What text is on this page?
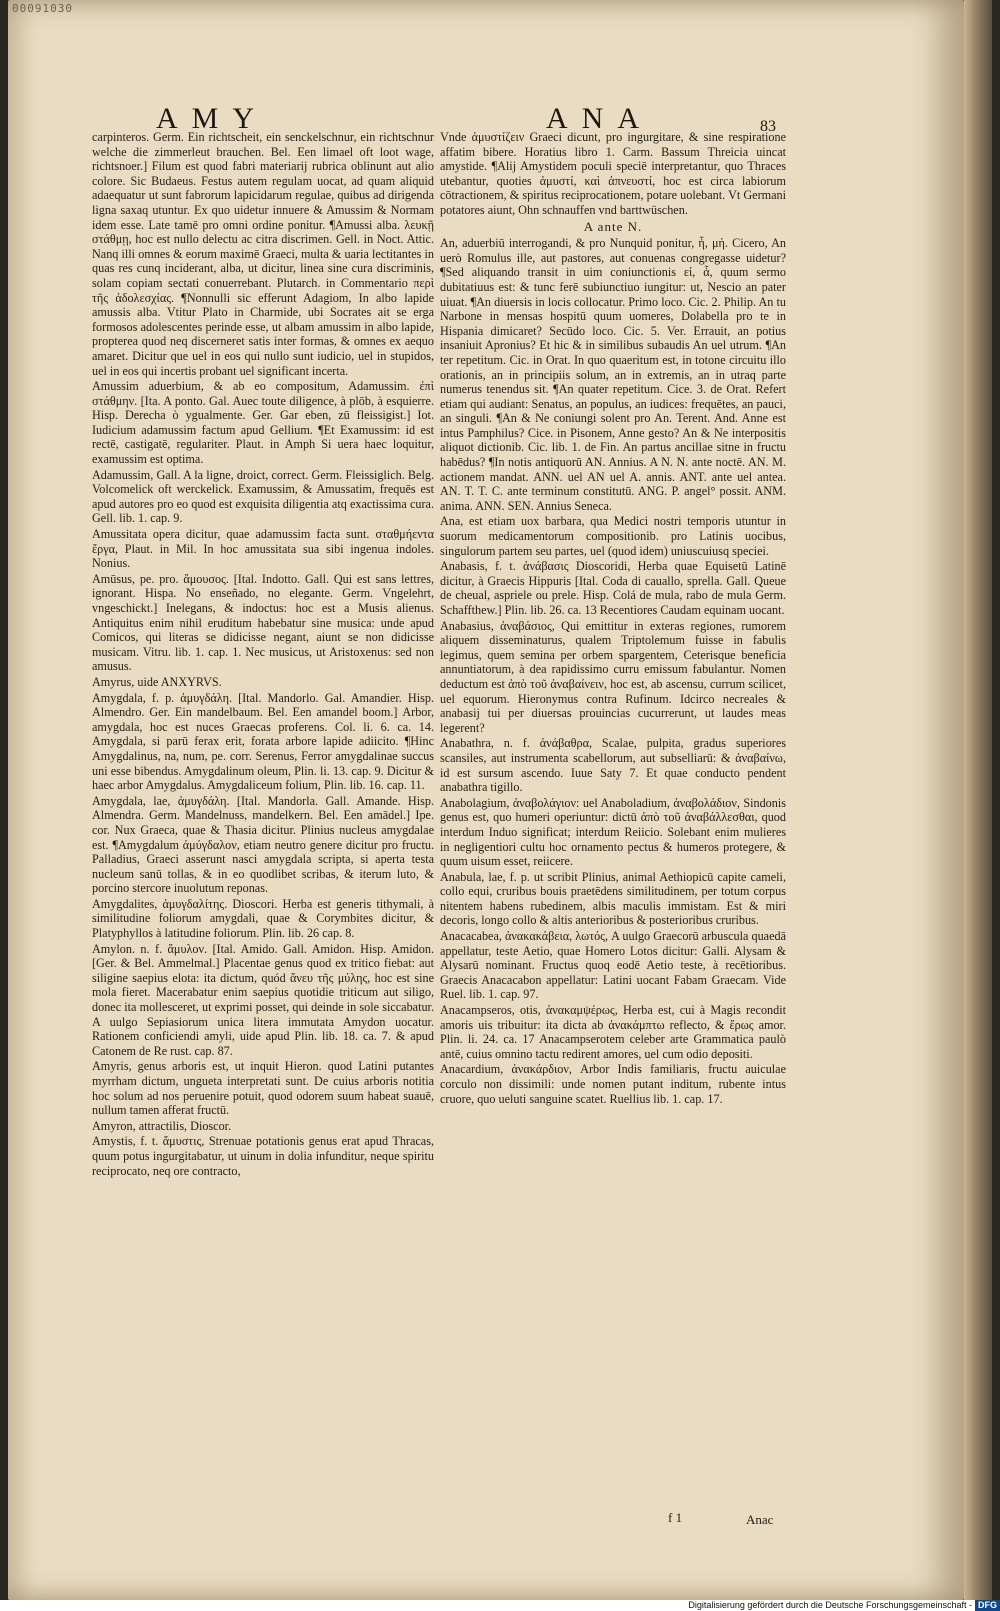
00091030
AMY	ANA	83

carpinteros. Germ. Ein richtscheit, ein senckelschnur, ein richtschnur welche die zimmerleut brauchen. Bel. Een limael oft loot wage, richtsnoer.] Filum est quod fabri materiarij rubrica oblinunt aut alio colore. Sic Budaeus. Festus autem regulam uocat, ad quam aliquid adaequatur ut sunt fabrorum lapicidarum regulae, quibus ad dirigenda ligna saxaq utuntur. Ex quo uidetur innuere & Amussim & Normam idem esse. Late tamē pro omni ordine ponitur. ¶Amussi alba. λευκῇ στάθμῃ, hoc est nullo delectu ac citra discrimen. Gell. in Noct. Attic. Nanq illi omnes & eorum maximē Graeci, multa & uaria lectitantes in quas res cunq inciderant, alba, ut dicitur, linea sine cura discriminis, solam copiam sectati conuerrebant. Plutarch. in Commentario περὶ τῆς ἀδολεσχίας. ¶Nonnulli sic efferunt Adagiom, In albo lapide amussis alba. Vtitur Plato in Charmide, ubi Socrates ait se erga formosos adolescentes perinde esse, ut albam amussim in albo lapide, propterea quod neq discerneret satis inter formas, & omnes ex aequo amaret. Dicitur que uel in eos qui nullo sunt iudicio, uel in stupidos, uel in eos qui incertis probant uel significant incerta.

Amussim aduerbium, & ab eo compositum, Adamussim. ἐπὶ στάθμην. [Ita. A ponto. Gal. Auec toute diligence, à plōb, à esquierre. Hisp. Derecha ò ygualmente. Ger. Gar eben, zū fleissigist.] Iot. Iudicium adamussim factum apud Gellium. ¶Et Examussim: id est rectē, castigatē, regulariter. Plaut. in Amph Si uera haec loquitur, examussim est optima.

Adamussim, Gall. A la ligne, droict, correct. Germ. Fleissiglich. Belg. Volcomelick oft werckelick. Examussim, & Amussatim, frequēs est apud autores pro eo quod est exquisita diligentia atq exactissima cura. Gell. lib. 1. cap. 9.

Amussitata opera dicitur, quae adamussim facta sunt. σταθμήεντα ἔργα, Plaut. in Mil. In hoc amussitata sua sibi ingenua indoles. Nonius.

Amūsus, pe. pro. ἄμουσος. [Ital. Indotto. Gall. Qui est sans lettres, ignorant. Hispa. No enseñado, no elegante. Germ. Vngelehrt, vngeschickt.] Inelegans, & indoctus: hoc est a Musis alienus. Antiquitus enim nihil eruditum habebatur sine musica: unde apud Comicos, qui literas se didicisse negant, aiunt se non didicisse musicam. Vitru. lib. 1. cap. 1. Nec musicus, ut Aristoxenus: sed non amusus.

Amyrus, uide ANXYRVS.

Amygdala, f. p. ἀμυγδάλη. [Ital. Mandorlo. Gal. Amandier. Hisp. Almendro. Ger. Ein mandelbaum. Bel. Een amandel boom.] Arbor, amygdala, hoc est nuces Graecas proferens. Col. li. 6. ca. 14. Amygdala, si parū ferax erit, forata arbore lapide adiicito. ¶Hinc Amygdalinus, na, num, pe. corr. Serenus, Ferror amygdalinae succus uni esse bibendus. Amygdalinum oleum, Plin. li. 13. cap. 9. Dicitur & haec arbor Amygdalus. Amygdaliceum folium, Plin. lib. 16. cap. 11.

Amygdala, lae, ἀμυγδάλη. [Ital. Mandorla. Gall. Amande. Hisp. Almendra. Germ. Mandelnuss, mandelkern. Bel. Een amādel.] Ipe. cor. Nux Graeca, quae & Thasia dicitur. Plinius nucleus amygdalae est. ¶Amygdalum ἀμύγδαλον, etiam neutro genere dicitur pro fructu. Palladius, Graeci asserunt nasci amygdala scripta, si aperta testa nucleum sanū tollas, & in eo quodlibet scribas, & iterum luto, & porcino stercore inuolutum reponas.

Amygdalites, ἀμυγδαλίτης. Dioscori. Herba est generis tithymali, à similitudine foliorum amygdali, quae & Corymbites dicitur, & Platyphyllos à latitudine foliorum. Plin. lib. 26 cap. 8.

Amylon. n. f. ἄμυλον. [Ital. Amido. Gall. Amidon. Hisp. Amidon. [Ger. & Bel. Ammelmal.] Placentae genus quod ex tritico fiebat: aut siligine saepius elota: ita dictum, quód ἄνευ τῆς μύλης, hoc est sine mola fieret. Macerabatur enim saepius quotidie triticum aut siligo, donec ita mollesceret, ut exprimi posset, qui deinde in sole siccabatur. A uulgo Sepiasiorum unica litera immutata Amydon uocatur. Rationem conficiendi amyli, uide apud Plin. lib. 18. ca. 7. & apud Catonem de Re rust. cap. 87.

Amyris, genus arboris est, ut inquit Hieron. quod Latini putantes myrrham dictum, ungueta interpretati sunt. De cuius arboris notitia hoc solum ad nos peruenire potuit, quod odorem suum habeat suauē, nullum tamen afferat fructū.

Amyron, attractilis, Dioscor.

Amystis, f. t. ἄμυστις, Strenuae potationis genus erat apud Thracas, quum potus ingurgitabatur, ut uinum in dolia infunditur, neque spiritu reciprocato, neq ore contracto,

Vnde ἀμυστίζειν Graeci dicunt, pro ingurgitare, & sine respiratione affatim bibere. Horatius libro 1. Carm. Bassum Threicia uincat amystide. ¶Alij Amystidem poculi speciē interpretantur, quo Thraces utebantur, quoties ἀμυστί, καὶ ἀπνευστί, hoc est circa labiorum cōtractionem, & spiritus reciprocationem, potare uolebant. Vt Germani potatores aiunt, Ohn schnauffen vnd barttwüschen.

A ante N.

An, aduerbiū interrogandi, & pro Nunquid ponitur, ἦ, μή. Cicero, An uerò Romulus ille, aut pastores, aut conuenas congregasse uidetur? ¶Sed aliquando transit in uim coniunctionis εἰ, ἆ, quum sermo dubitatiuus est: & tunc ferē subiunctiuo iungitur: ut, Nescio an pater uiuat. ¶An diuersis in locis collocatur. Primo loco. Cic. 2. Philip. An tu Narbone in mensas hospitū quum uomeres, Dolabella pro te in Hispania dimicaret? Secūdo loco. Cic. 5. Ver. Errauit, an potius insaniuit Apronius? Et hic & in similibus subaudis An uel utrum. ¶An ter repetitum. Cic. in Orat. In quo quaeritum est, in totone circuitu illo orationis, an in principiis solum, an in extremis, an in utraq parte numerus tenendus sit. ¶An quater repetitum. Cice. 3. de Orat. Refert etiam qui audiant: Senatus, an populus, an iudices: frequētes, an pauci, an singuli. ¶An & Ne coniungi solent pro An. Terent. And. Anne est intus Pamphilus? Cice. in Pisonem, Anne gesto? An & Ne interpositis aliquot dictionib. Cic. lib. 1. de Fin. An partus ancillae sitne in fructu habēdus? ¶In notis antiquorū AN. Annius. A N. N. ante noctē. AN. M. actionem mandat. ANN. uel AN uel A. annis. ANT. ante uel antea. AN. T. T. C. ante terminum constitutū. ANG. P. angel° possit. ANM. anima. ANN. SEN. Annius Seneca.

Ana, est etiam uox barbara, qua Medici nostri temporis utuntur in suorum medicamentorum compositionib. pro Latinis uocibus, singulorum partem seu partes, uel (quod idem) uniuscuiusq speciei.

Anabasis, f. t. ἀνάβασις Dioscoridi, Herba quae Equisetū Latinē dicitur, à Graecis Hippuris [Ital. Coda di cauallo, sprella. Gall. Queue de cheual, aspriele ou prele. Hisp. Colá de mula, rabo de mula Germ. Schaffthew.] Plin. lib. 26. ca. 13 Recentiores Caudam equinam uocant.

Anabasius, ἀναβάσιος, Qui emittitur in exteras regiones, rumorem aliquem disseminaturus, qualem Triptolemum fuisse in fabulis legimus, quem semina per orbem spargentem, Ceterisque beneficia annuntiatorum, à dea rapidissimo curru emissum fabulantur. Nomen deductum est ἀπὸ τοῦ ἀναβαίνειν, hoc est, ab ascensu, currum scilicet, uel equorum. Hieronymus contra Rufinum. Idcirco necreales & anabasij tui per diuersas prouincias cucurrerunt, ut laudes meas legerent?

Anabathra, n. f. ἀνάβαθρα, Scalae, pulpita, gradus superiores scansiles, aut instrumenta scabellorum, aut subselliarū: & ἀναβαίνω, id est sursum ascendo. Iuue Saty 7. Et quae conducto pendent anabathra tigillo.

Anabolagium, ἀναβολάγιον: uel Anaboladium, ἀναβολάδιον, Sindonis genus est, quo humeri operiuntur: dictū ἀπὸ τοῦ ἀναβάλλεσθαι, quod interdum Induo significat; interdum Reiicio. Solebant enim mulieres in negligentiori cultu hoc ornamento pectus & humeros protegere, & quum uisum esset, reiicere.

Anabula, lae, f. p. ut scribit Plinius, animal Aethiopicū capite cameli, collo equi, cruribus bouis praetēdens similitudinem, per totum corpus nitentem habens rubedinem, albis maculis immistam. Est & miri decoris, longo collo & altis anterioribus & posterioribus cruribus.

Anacacabea, ἀνακακάβεια, λωτός, A uulgo Graecorū arbuscula quaedā appellatur, teste Aetio, quae Homero Lotos dicitur: Galli. Alysam & Alysarū nominant. Fructus quoq eodē Aetio teste, à recētioribus. Graecis Anacacabon appellatur: Latini uocant Fabam Graecam. Vide Ruel. lib. 1. cap. 97.

Anacampseros, otis, ἀνακαμψέρως, Herba est, cui à Magis recondit amoris uis tribuitur: ita dicta ab ἀνακάμπτω reflecto, & ἔρως amor. Plin. li. 24. ca. 17 Anacampserotem celeber arte Grammatica paulò antē, cuius omnino tactu redirent amores, uel cum odio depositi.

Anacardium, ἀνακάρδιον, Arbor Indis familiaris, fructu auiculae corculo non dissimili: unde nomen putant inditum, rubente intus cruore, quo ueluti sanguine scatet. Ruellius lib. 1. cap. 17.

f 1	Anac
Digitalisierung gefördert durch die Deutsche Forschungsgemeinschaft - DFG
